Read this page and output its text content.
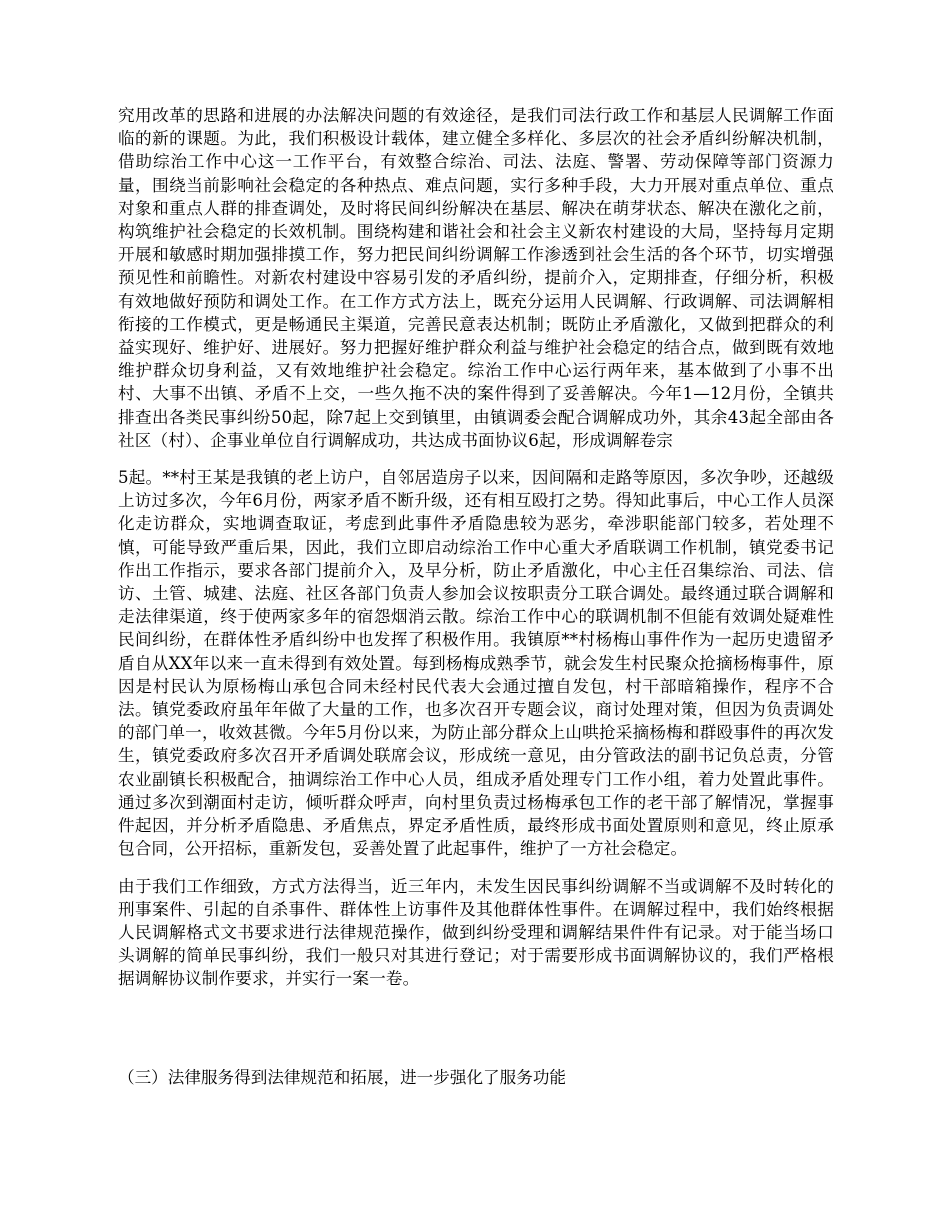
究用改革的思路和进展的办法解决问题的有效途径，是我们司法行政工作和基层人民调解工作面临的新的课题。为此，我们积极设计载体，建立健全多样化、多层次的社会矛盾纠纷解决机制，借助综治工作中心这一工作平台，有效整合综治、司法、法庭、警署、劳动保障等部门资源力量，围绕当前影响社会稳定的各种热点、难点问题，实行多种手段，大力开展对重点单位、重点对象和重点人群的排查调处，及时将民间纠纷解决在基层、解决在萌芽状态、解决在激化之前，构筑维护社会稳定的长效机制。围绕构建和谐社会和社会主义新农村建设的大局，坚持每月定期开展和敏感时期加强排摸工作，努力把民间纠纷调解工作渗透到社会生活的各个环节，切实增强预见性和前瞻性。对新农村建设中容易引发的矛盾纠纷，提前介入，定期排查，仔细分析，积极有效地做好预防和调处工作。在工作方式方法上，既充分运用人民调解、行政调解、司法调解相衔接的工作模式，更是畅通民主渠道，完善民意表达机制；既防止矛盾激化，又做到把群众的利益实现好、维护好、进展好。努力把握好维护群众利益与维护社会稳定的结合点，做到既有效地维护群众切身利益，又有效地维护社会稳定。综治工作中心运行两年来，基本做到了小事不出村、大事不出镇、矛盾不上交，一些久拖不决的案件得到了妥善解决。今年1—12月份，全镇共排查出各类民事纠纷50起，除7起上交到镇里，由镇调委会配合调解成功外，其余43起全部由各社区（村）、企事业单位自行调解成功，共达成书面协议6起，形成调解卷宗

5起。**村王某是我镇的老上访户，自邻居造房子以来，因间隔和走路等原因，多次争吵，还越级上访过多次，今年6月份，两家矛盾不断升级，还有相互殴打之势。得知此事后，中心工作人员深化走访群众，实地调查取证，考虑到此事件矛盾隐患较为恶劣，牵涉职能部门较多，若处理不慎，可能导致严重后果，因此，我们立即启动综治工作中心重大矛盾联调工作机制，镇党委书记作出工作指示，要求各部门提前介入，及早分析，防止矛盾激化，中心主任召集综治、司法、信访、土管、城建、法庭、社区各部门负责人参加会议按职责分工联合调处。最终通过联合调解和走法律渠道，终于使两家多年的宿怨烟消云散。综治工作中心的联调机制不但能有效调处疑难性民间纠纷，在群体性矛盾纠纷中也发挥了积极作用。我镇原**村杨梅山事件作为一起历史遗留矛盾自从XX年以来一直未得到有效处置。每到杨梅成熟季节，就会发生村民聚众抢摘杨梅事件，原因是村民认为原杨梅山承包合同未经村民代表大会通过擅自发包，村干部暗箱操作，程序不合法。镇党委政府虽年年做了大量的工作，也多次召开专题会议，商讨处理对策，但因为负责调处的部门单一，收效甚微。今年5月份以来，为防止部分群众上山哄抢采摘杨梅和群殴事件的再次发生，镇党委政府多次召开矛盾调处联席会议，形成统一意见，由分管政法的副书记负总责，分管农业副镇长积极配合，抽调综治工作中心人员，组成矛盾处理专门工作小组，着力处置此事件。通过多次到潮面村走访，倾听群众呼声，向村里负责过杨梅承包工作的老干部了解情况，掌握事件起因，并分析矛盾隐患、矛盾焦点，界定矛盾性质，最终形成书面处置原则和意见，终止原承包合同，公开招标，重新发包，妥善处置了此起事件，维护了一方社会稳定。

由于我们工作细致，方式方法得当，近三年内，未发生因民事纠纷调解不当或调解不及时转化的刑事案件、引起的自杀事件、群体性上访事件及其他群体性事件。在调解过程中，我们始终根据人民调解格式文书要求进行法律规范操作，做到纠纷受理和调解结果件件有记录。对于能当场口头调解的简单民事纠纷，我们一般只对其进行登记；对于需要形成书面调解协议的，我们严格根据调解协议制作要求，并实行一案一卷。

（三）法律服务得到法律规范和拓展，进一步强化了服务功能
